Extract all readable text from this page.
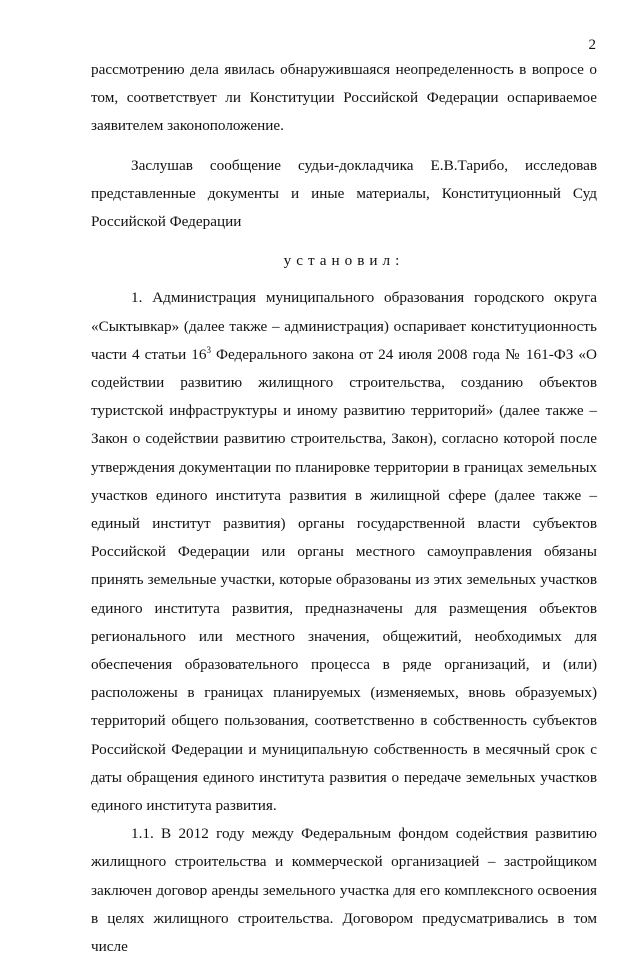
2

рассмотрению дела явилась обнаружившаяся неопределенность в вопросе о том, соответствует ли Конституции Российской Федерации оспариваемое заявителем законоположение.

Заслушав сообщение судьи-докладчика Е.В.Тарибо, исследовав представленные документы и иные материалы, Конституционный Суд Российской Федерации

установил:

1. Администрация муниципального образования городского округа «Сыктывкар» (далее также – администрация) оспаривает конституционность части 4 статьи $16^3$ Федерального закона от 24 июля 2008 года № 161-ФЗ «О содействии развитию жилищного строительства, созданию объектов туристской инфраструктуры и иному развитию территорий» (далее также – Закон о содействии развитию строительства, Закон), согласно которой после утверждения документации по планировке территории в границах земельных участков единого института развития в жилищной сфере (далее также – единый институт развития) органы государственной власти субъектов Российской Федерации или органы местного самоуправления обязаны принять земельные участки, которые образованы из этих земельных участков единого института развития, предназначены для размещения объектов регионального или местного значения, общежитий, необходимых для обеспечения образовательного процесса в ряде организаций, и (или) расположены в границах планируемых (изменяемых, вновь образуемых) территорий общего пользования, соответственно в собственность субъектов Российской Федерации и муниципальную собственность в месячный срок с даты обращения единого института развития о передаче земельных участков единого института развития.

1.1. В 2012 году между Федеральным фондом содействия развитию жилищного строительства и коммерческой организацией – застройщиком заключен договор аренды земельного участка для его комплексного освоения в целях жилищного строительства. Договором предусматривались в том числе
